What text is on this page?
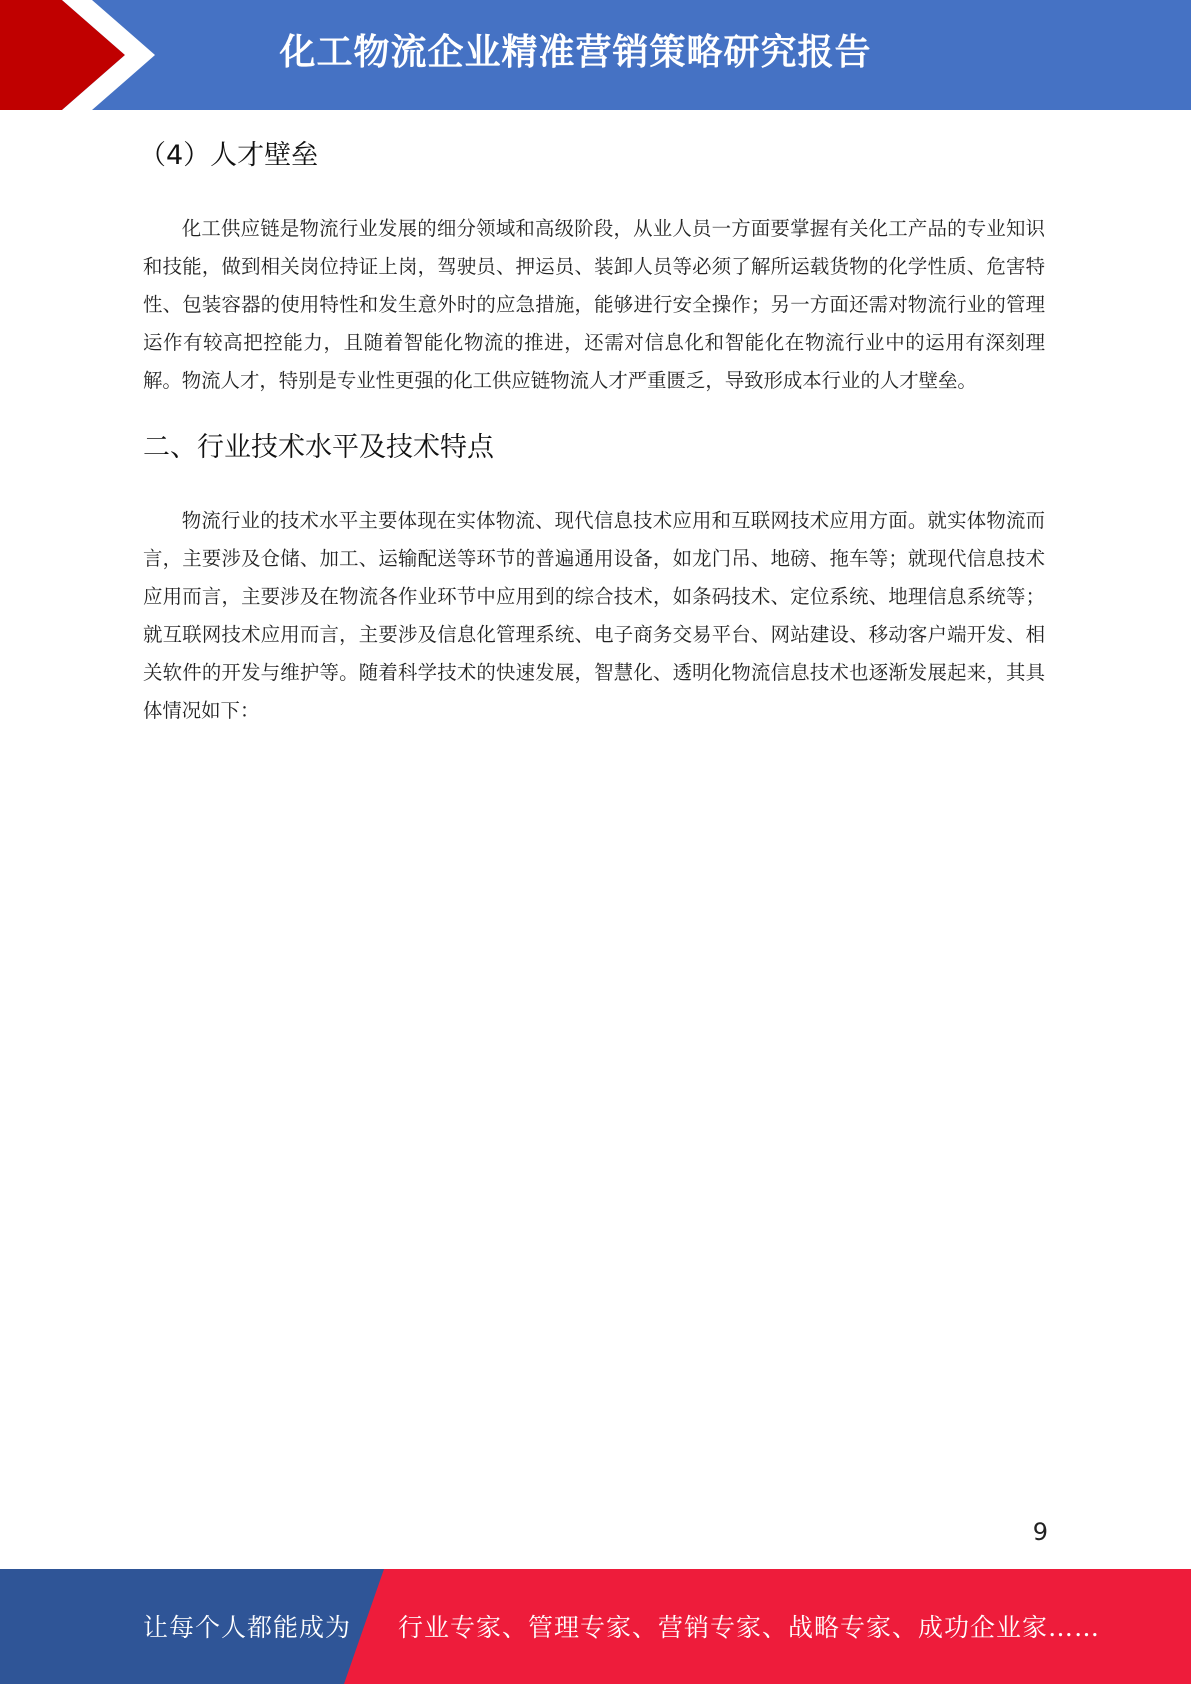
化工物流企业精准营销策略研究报告
（4）人才壁垒

化工供应链是物流行业发展的细分领域和高级阶段，从业人员一方面要掌握有关化工产品的专业知识和技能，做到相关岗位持证上岗，驾驶员、押运员、装卸人员等必须了解所运载货物的化学性质、危害特性、包装容器的使用特性和发生意外时的应急措施，能够进行安全操作；另一方面还需对物流行业的管理运作有较高把控能力，且随着智能化物流的推进，还需对信息化和智能化在物流行业中的运用有深刻理解。物流人才，特别是专业性更强的化工供应链物流人才严重匮乏，导致形成本行业的人才壁垒。

二、行业技术水平及技术特点

物流行业的技术水平主要体现在实体物流、现代信息技术应用和互联网技术应用方面。就实体物流而言，主要涉及仓储、加工、运输配送等环节的普遍通用设备，如龙门吊、地磅、拖车等；就现代信息技术应用而言，主要涉及在物流各作业环节中应用到的综合技术，如条码技术、定位系统、地理信息系统等；就互联网技术应用而言，主要涉及信息化管理系统、电子商务交易平台、网站建设、移动客户端开发、相关软件的开发与维护等。随着科学技术的快速发展，智慧化、透明化物流信息技术也逐渐发展起来，其具体情况如下：

9
让每个人都能成为 行业专家、管理专家、营销专家、战略专家、成功企业家……
